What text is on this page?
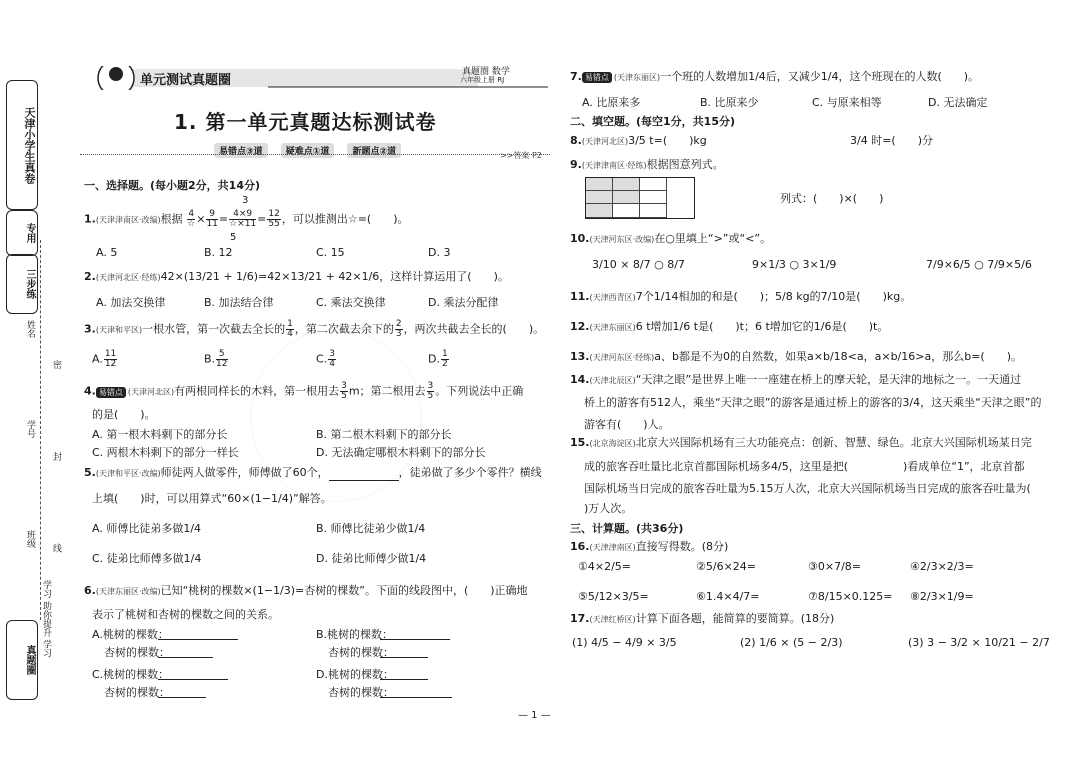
天津小学生真卷
专用
三步练
班级
姓名
学号 密 封 线
真题圈
学习 助你提升 学习
单元测试真题圈
真题圈 数学
六年级上册 RJ
1. 第一单元真题达标测试卷
易错点③道	疑难点①道	新题点②道	>>答案 P2
一、选择题。(每小题2分，共14分)
1.(天津津南区·改编)根据 $\frac{4}{☆} \times \frac{9}{11} = \frac{4\times 9}{☆\times 11} = \frac{12}{55}$ ，可以推测出☆=(　　)。
3
5
A. 5	B. 12	C. 15	D. 3
2.(天津河北区·经练)42×(13/21 + 1/6)=42×13/21 + 42×1/6，这样计算运用了(　　)。
A. 加法交换律	B. 加法结合律	C. 乘法交换律	D. 乘法分配律
3.(天津和平区)一根水管，第一次截去全长的 $\frac{1}{4}$ ，第二次截去余下的 $\frac{2}{3}$ ，两次共截去全长的(　　)。
A. $\frac{11}{12}$	B. $\frac{5}{12}$	C. $\frac{3}{4}$	D. $\frac{1}{2}$
4. 易错点 (天津河北区)有两根同样长的木料，第一根用去 $\frac{3}{5}$ m；第二根用去 $\frac{3}{5}$ 。下列说法中正确
的是(　　)。
A. 第一根木料剩下的部分长	B. 第二根木料剩下的部分长
C. 两根木料剩下的部分一样长	D. 无法确定哪根木料剩下的部分长
5.(天津和平区·改编)师徒两人做零件，师傅做了60个，	，徒弟做了多少个零件？横线
上填(　　)时，可以用算式“60×(1−1/4)”解答。
A. 师傅比徒弟多做1/4	B. 师傅比徒弟少做1/4
C. 徒弟比师傅多做1/4	D. 徒弟比师傅少做1/4
6.(天津东丽区·改编)已知“桃树的棵数×(1−1/3)=杏树的棵数”。下面的线段图中，(　　)正确地
表示了桃树和杏树的棵数之间的关系。
A.桃树的棵数：
杏树的棵数：
B.桃树的棵数：
杏树的棵数：
C.桃树的棵数：
杏树的棵数：
D.桃树的棵数：
杏树的棵数：
7. 易错点 (天津东丽区)一个班的人数增加1/4后，又减少1/4，这个班现在的人数(　　)。
A. 比原来多	B. 比原来少	C. 与原来相等	D. 无法确定
二、填空题。(每空1分，共15分)
8.(天津河北区)3/5 t=(　　)kg	3/4 时=(　　)分
9.(天津津南区·经练)根据图意列式。
列式：(　　)×(　　)
10.(天津河东区·改编)在○里填上“>”或“<”。
3/10 × 8/7 ○ 8/7	9×1/3 ○ 3×1/9	7/9×6/5 ○ 7/9×5/6
11.(天津西青区)7个1/14相加的和是(　　)；5/8 kg的7/10是(　　)kg。
12.(天津东丽区)6 t增加1/6 t是(　　)t；6 t增加它的1/6是(　　)t。
13.(天津河东区·经练)a、b都是不为0的自然数，如果a×b/18<a，a×b/16>a，那么b=(　　)。
14.(天津北辰区)“天津之眼”是世界上唯一一座建在桥上的摩天轮，是天津的地标之一。一天通过
桥上的游客有512人，乘坐“天津之眼”的游客是通过桥上的游客的3/4，这天乘坐“天津之眼”的
游客有(　　)人。
15.(北京海淀区)北京大兴国际机场有三大功能亮点：创新、智慧、绿色。北京大兴国际机场某日完
成的旅客吞吐量比北京首都国际机场多4/5，这里是把(　　　　　)看成单位“1”，北京首都
国际机场当日完成的旅客吞吐量为5.15万人次，北京大兴国际机场当日完成的旅客吞吐量为(
)万人次。
三、计算题。(共36分)
16.(天津津南区)直接写得数。(8分)
①4×2/5=	②5/6×24=	③0×7/8=	④2/3×2/3=
⑤5/12×3/5=	⑥1.4×4/7=	⑦8/15×0.125= ⑧2/3×1/9=
17.(天津红桥区)计算下面各题，能简算的要简算。(18分)
(1) 4/5 − 4/9 × 3/5	(2) 1/6 × (5 − 2/3)	(3) 3 − 3/2 × 10/21 − 2/7
— 1 —
